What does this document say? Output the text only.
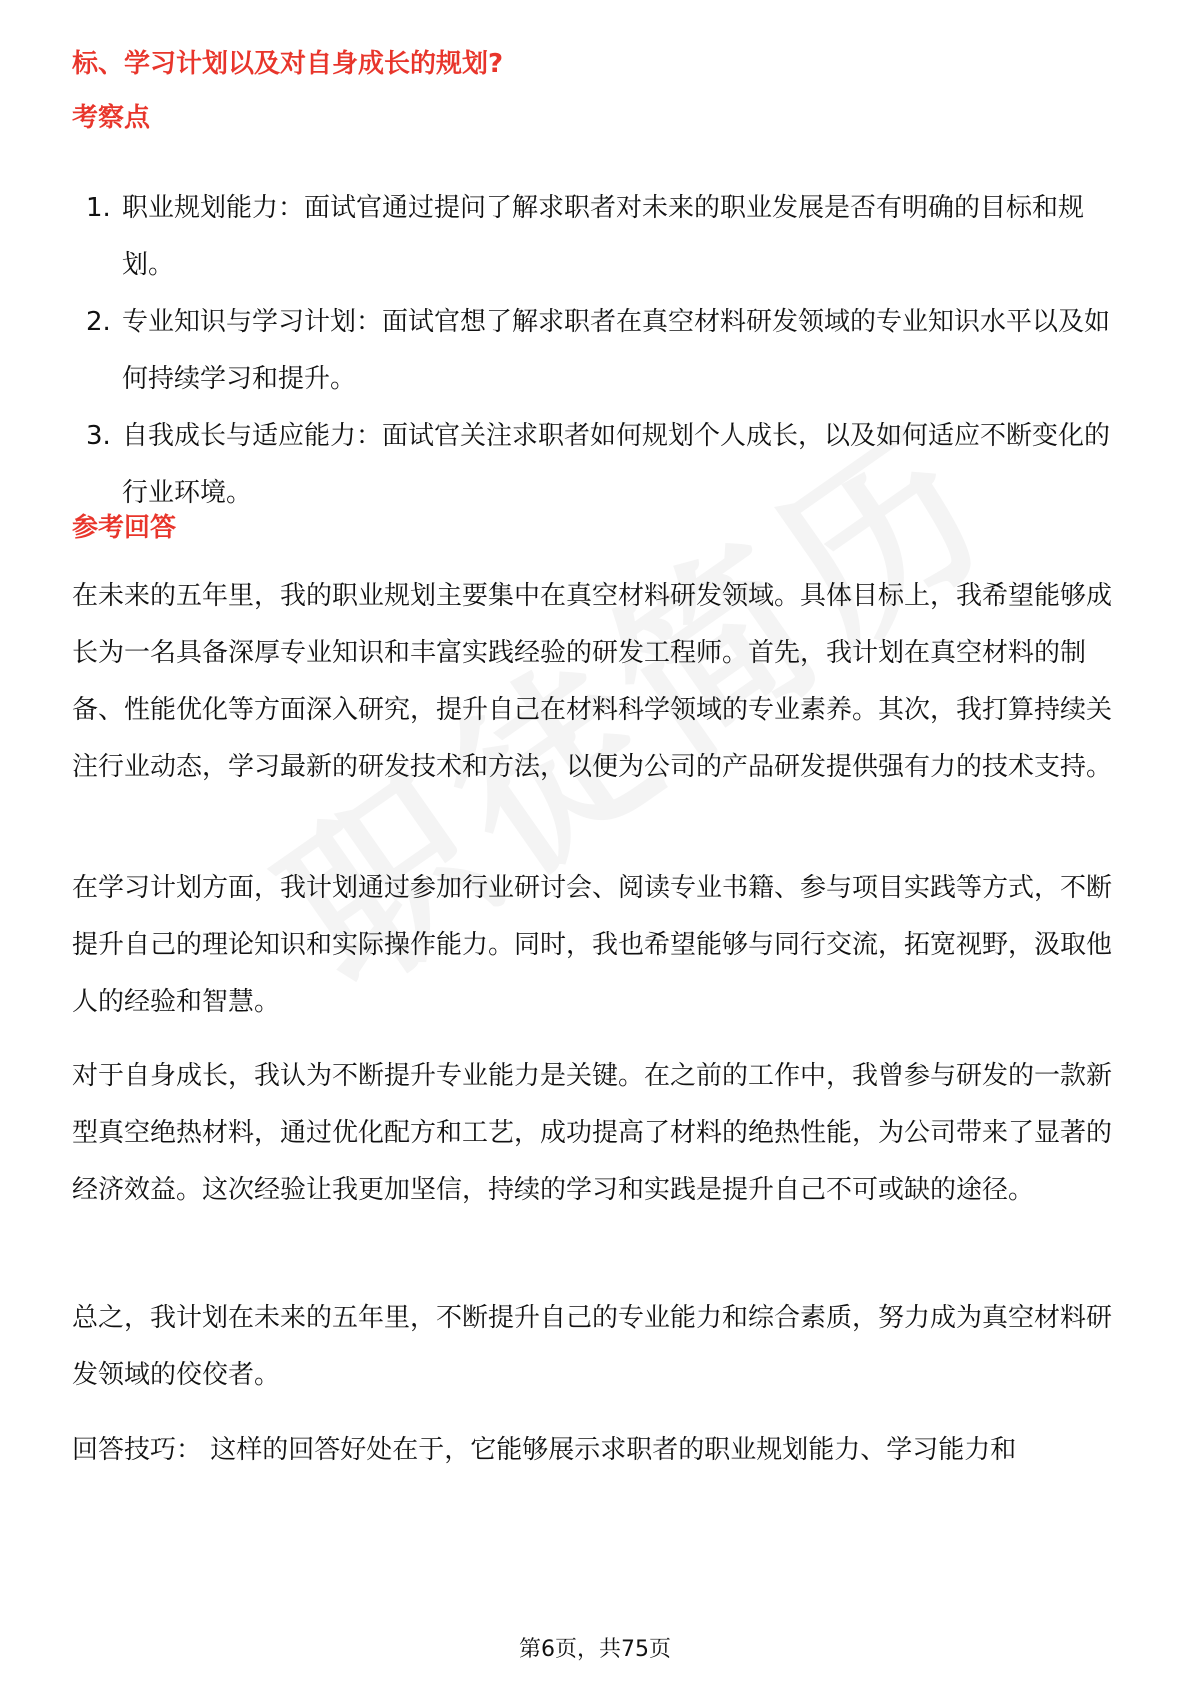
标、学习计划以及对自身成长的规划?
考察点
1. 职业规划能力：面试官通过提问了解求职者对未来的职业发展是否有明确的目标和规划。
2. 专业知识与学习计划：面试官想了解求职者在真空材料研发领域的专业知识水平以及如何持续学习和提升。
3. 自我成长与适应能力：面试官关注求职者如何规划个人成长，以及如何适应不断变化的行业环境。
参考回答

在未来的五年里，我的职业规划主要集中在真空材料研发领域。具体目标上，我希望能够成长为一名具备深厚专业知识和丰富实践经验的研发工程师。首先，我计划在真空材料的制备、性能优化等方面深入研究，提升自己在材料科学领域的专业素养。其次，我打算持续关注行业动态，学习最新的研发技术和方法，以便为公司的产品研发提供强有力的技术支持。

在学习计划方面，我计划通过参加行业研讨会、阅读专业书籍、参与项目实践等方式，不断提升自己的理论知识和实际操作能力。同时，我也希望能够与同行交流，拓宽视野，汲取他人的经验和智慧。

对于自身成长，我认为不断提升专业能力是关键。在之前的工作中，我曾参与研发的一款新型真空绝热材料，通过优化配方和工艺，成功提高了材料的绝热性能，为公司带来了显著的经济效益。这次经验让我更加坚信，持续的学习和实践是提升自己不可或缺的途径。

总之，我计划在未来的五年里，不断提升自己的专业能力和综合素质，努力成为真空材料研发领域的佼佼者。

回答技巧： 这样的回答好处在于，它能够展示求职者的职业规划能力、学习能力和

第6页，共75页
